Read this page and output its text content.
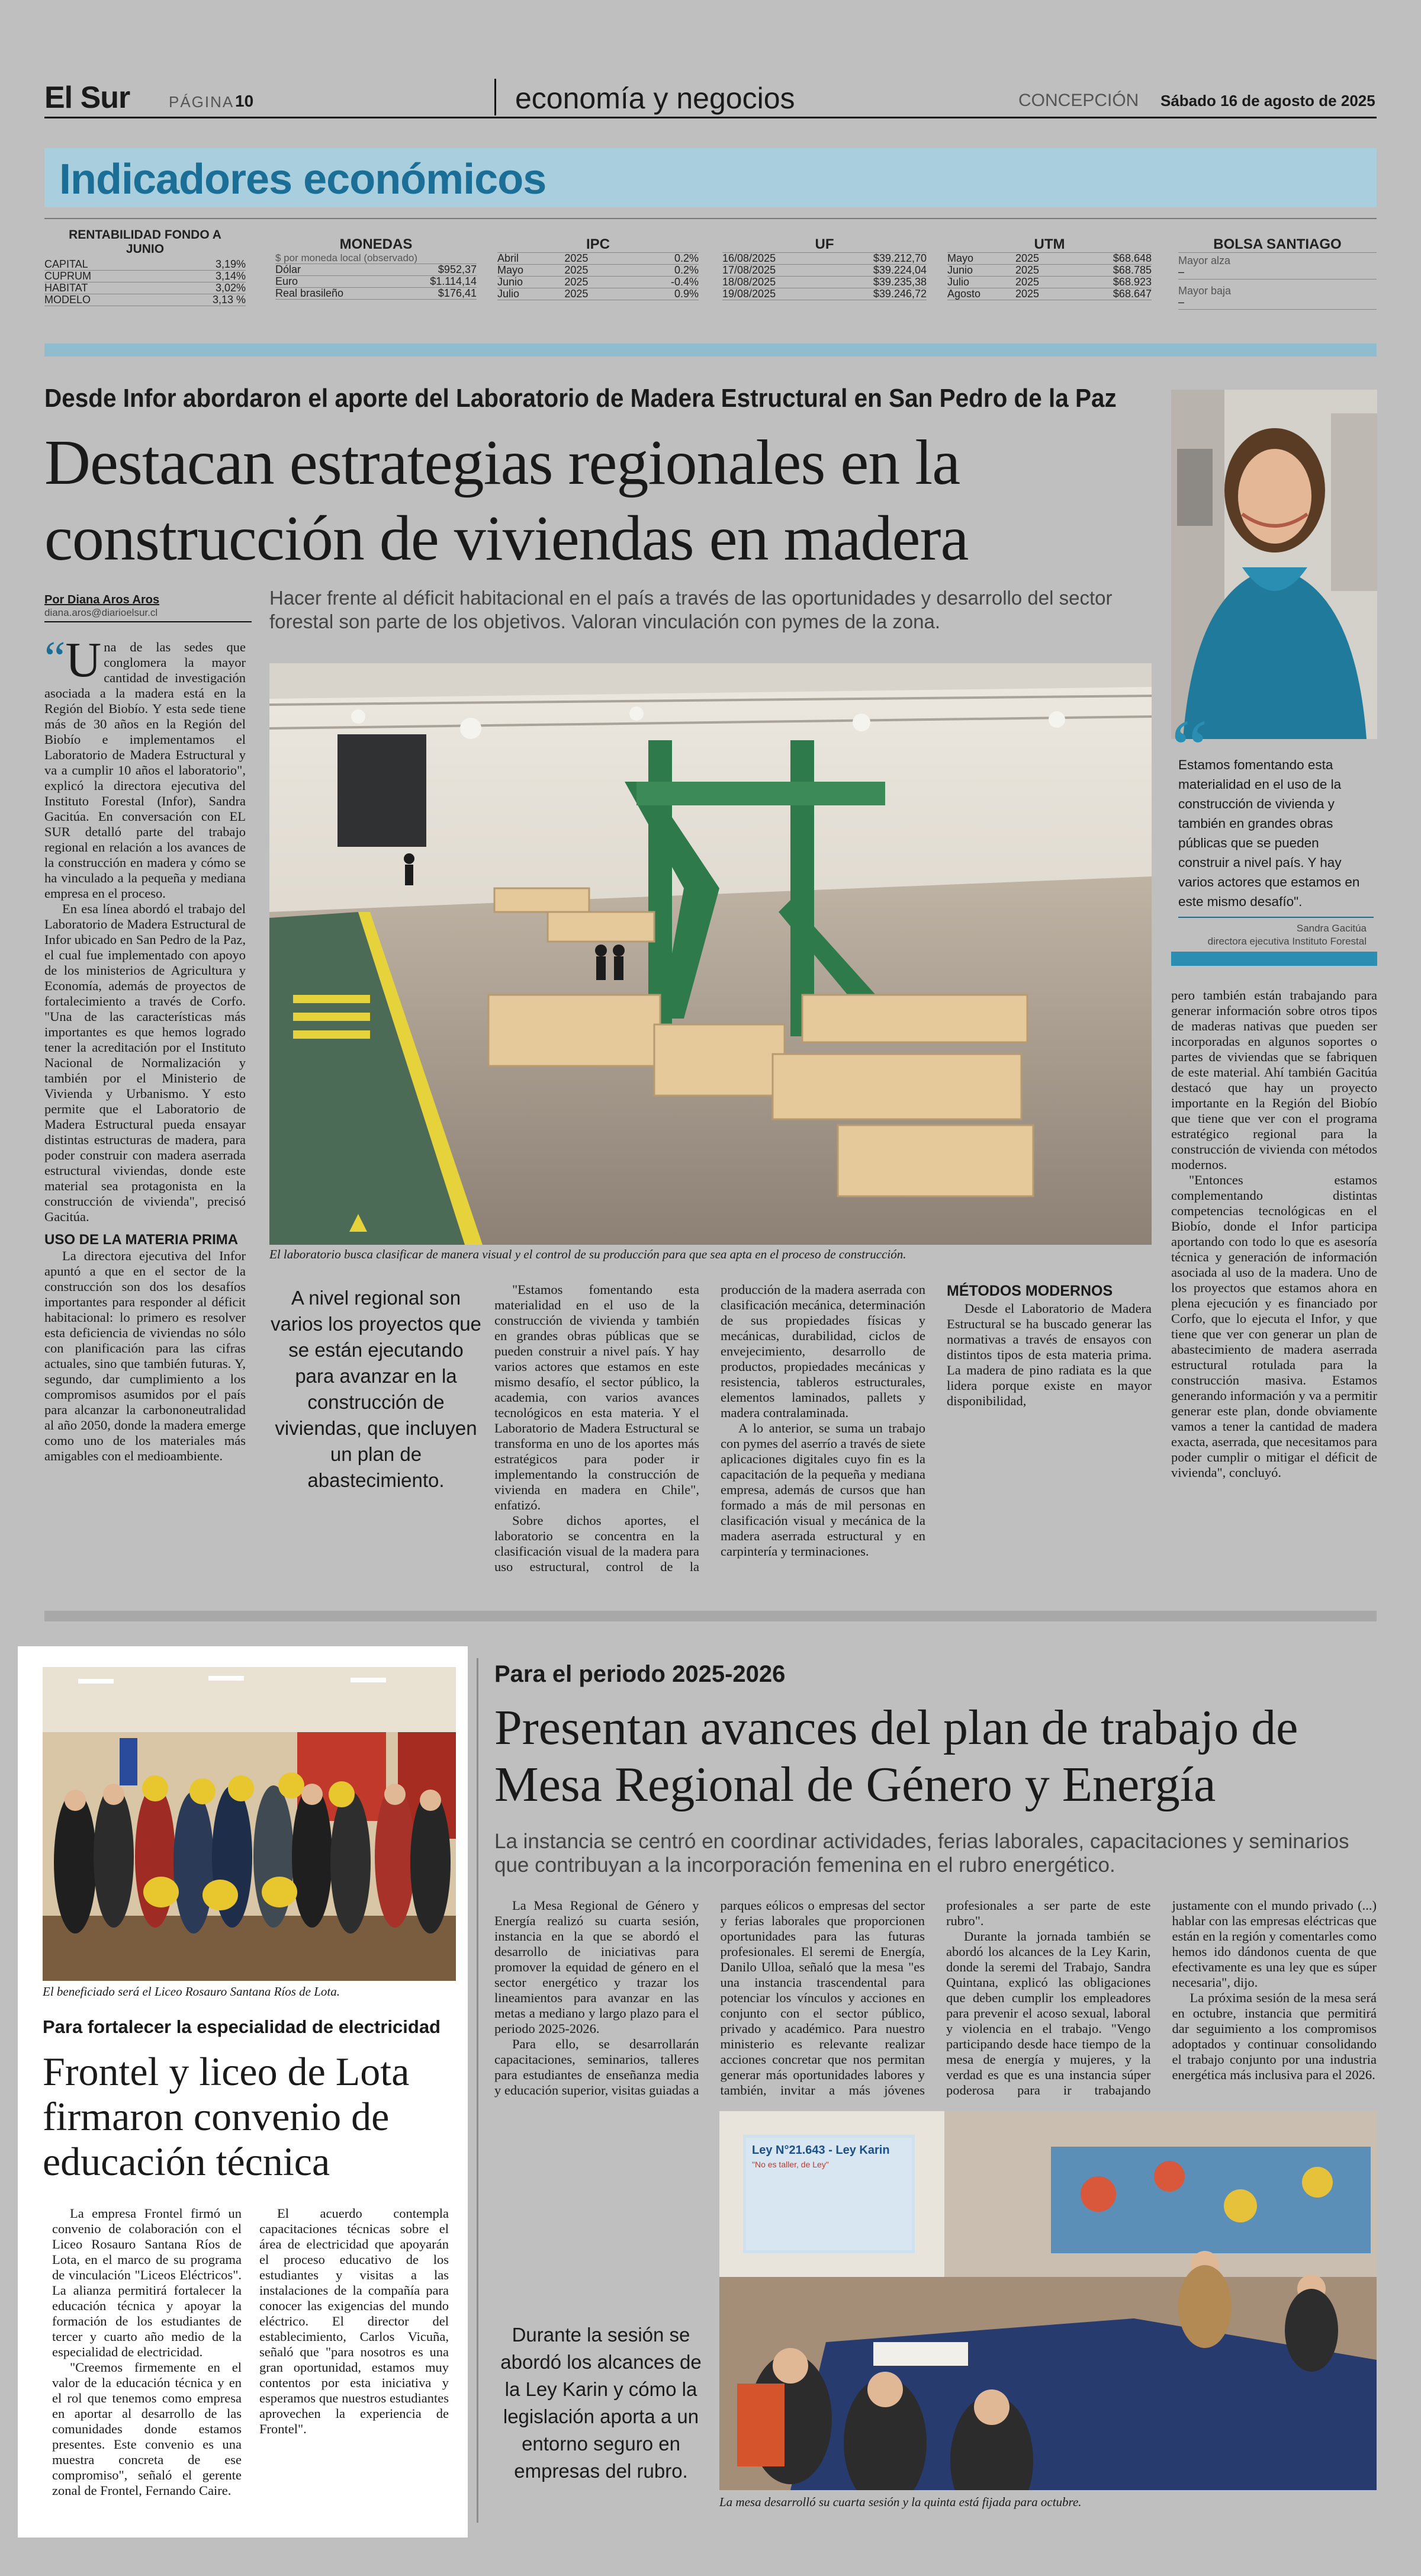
El Sur	PÁGINA 10	economía y negocios	CONCEPCIÓN Sábado 16 de agosto de 2025
Indicadores económicos
RENTABILIDAD FONDO A JUNIO
CAPITAL	3,19%
CUPRUM	3,14%
HABITAT	3,02%
MODELO	3,13 %
MONEDAS
$ por moneda local (observado)
Dólar	$952,37
Euro	$1.114,14
Real brasileño	$176,41
IPC
Abril	2025	0.2%
Mayo	2025	0.2%
Junio	2025	-0.4%
Julio	2025	0.9%
UF
16/08/2025	$39.212,70
17/08/2025	$39.224,04
18/08/2025	$39.235,38
19/08/2025	$39.246,72
UTM
Mayo	2025	$68.648
Junio	2025	$68.785
Julio	2025	$68.923
Agosto	2025	$68.647
BOLSA SANTIAGO
Mayor alza
–
Mayor baja
–
Desde Infor abordaron el aporte del Laboratorio de Madera Estructural en San Pedro de la Paz
Destacan estrategias regionales en la construcción de viviendas en madera
Por Diana Aros Aros
diana.aros@diarioelsur.cl
Hacer frente al déficit habitacional en el país a través de las oportunidades y desarrollo del sector forestal son parte de los objetivos. Valoran vinculación con pymes de la zona.
El laboratorio busca clasificar de manera visual y el control de su producción para que sea apta en el proceso de construcción.

“ U na de las sedes que conglomera la mayor cantidad de investigación asociada a la madera está en la Región del Biobío. Y esta sede tiene más de 30 años en la Región del Biobío e implementamos el Laboratorio de Madera Estructural y va a cumplir 10 años el laboratorio", explicó la directora ejecutiva del Instituto Forestal (Infor), Sandra Gacitúa. En conversación con EL SUR detalló parte del trabajo regional en relación a los avances de la construcción en madera y cómo se ha vinculado a la pequeña y mediana empresa en el proceso.

En esa línea abordó el trabajo del Laboratorio de Madera Estructural de Infor ubicado en San Pedro de la Paz, el cual fue implementado con apoyo de los ministerios de Agricultura y Economía, además de proyectos de fortalecimiento a través de Corfo. "Una de las características más importantes es que hemos logrado tener la acreditación por el Instituto Nacional de Normalización y también por el Ministerio de Vivienda y Urbanismo. Y esto permite que el Laboratorio de Madera Estructural pueda ensayar distintas estructuras de madera, para poder construir con madera aserrada estructural viviendas, donde este material sea protagonista en la construcción de vivienda", precisó Gacitúa.

USO DE LA MATERIA PRIMA

La directora ejecutiva del Infor apuntó a que en el sector de la construcción son dos los desafíos importantes para responder al déficit habitacional: lo primero es resolver esta deficiencia de viviendas no sólo con planificación para las cifras actuales, sino que también futuras. Y, segundo, dar cumplimiento a los compromisos asumidos por el país para alcanzar la carbononeutralidad al año 2050, donde la madera emerge como uno de los materiales más amigables con el medioambiente.

A nivel regional son varios los proyectos que se están ejecutando para avanzar en la construcción de viviendas, que incluyen un plan de abastecimiento.

"Estamos fomentando esta materialidad en el uso de la construcción de vivienda y también en grandes obras públicas que se pueden construir a nivel país. Y hay varios actores que estamos en este mismo desafío, el sector público, la academia, con varios avances tecnológicos en esta materia. Y el Laboratorio de Madera Estructural se transforma en uno de los aportes más estratégicos para poder ir implementando la construcción de vivienda en madera en Chile", enfatizó.

Sobre dichos aportes, el laboratorio se concentra en la clasificación visual de la madera para uso estructural, control de la producción de la madera aserrada con clasificación mecánica, determinación de sus propiedades físicas y mecánicas, durabilidad, ciclos de envejecimiento, desarrollo de productos, propiedades mecánicas y resistencia, tableros estructurales, elementos laminados, pallets y madera contralaminada.

A lo anterior, se suma un trabajo con pymes del aserrío a través de siete aplicaciones digitales cuyo fin es la capacitación de la pequeña y mediana empresa, además de cursos que han formado a más de mil personas en clasificación visual y mecánica de la madera aserrada estructural y en carpintería y terminaciones.

MÉTODOS MODERNOS

Desde el Laboratorio de Madera Estructural se ha buscado generar las normativas a través de ensayos con distintos tipos de esta materia prima. La madera de pino radiata es la que lidera porque existe en mayor disponibilidad,

“
Estamos fomentando esta materialidad en el uso de la construcción de vivienda y también en grandes obras públicas que se pueden construir a nivel país. Y hay varios actores que estamos en este mismo desafío".
Sandra Gacitúa
directora ejecutiva Instituto Forestal

pero también están trabajando para generar información sobre otros tipos de maderas nativas que pueden ser incorporadas en algunos soportes o partes de viviendas que se fabriquen de este material. Ahí también Gacitúa destacó que hay un proyecto importante en la Región del Biobío que tiene que ver con el programa estratégico regional para la construcción de vivienda con métodos modernos.

"Entonces estamos complementando distintas competencias tecnológicas en el Biobío, donde el Infor participa aportando con todo lo que es asesoría técnica y generación de información asociada al uso de la madera. Uno de los proyectos que estamos ahora en plena ejecución y es financiado por Corfo, que lo ejecuta el Infor, y que tiene que ver con generar un plan de abastecimiento de madera aserrada estructural rotulada para la construcción masiva. Estamos generando información y va a permitir generar este plan, donde obviamente vamos a tener la cantidad de madera exacta, aserrada, que necesitamos para poder cumplir o mitigar el déficit de vivienda", concluyó.

El beneficiado será el Liceo Rosauro Santana Ríos de Lota.
Para fortalecer la especialidad de electricidad
Frontel y liceo de Lota firmaron convenio de educación técnica

La empresa Frontel firmó un convenio de colaboración con el Liceo Rosauro Santana Ríos de Lota, en el marco de su programa de vinculación "Liceos Eléctricos". La alianza permitirá fortalecer la educación técnica y apoyar la formación de los estudiantes de tercer y cuarto año medio de la especialidad de electricidad.

"Creemos firmemente en el valor de la educación técnica y en el rol que tenemos como empresa en aportar al desarrollo de las comunidades donde estamos presentes. Este convenio es una muestra concreta de ese compromiso", señaló el gerente zonal de Frontel, Fernando Caire.

El acuerdo contempla capacitaciones técnicas sobre el área de electricidad que apoyarán el proceso educativo de los estudiantes y visitas a las instalaciones de la compañía para conocer las exigencias del mundo eléctrico. El director del establecimiento, Carlos Vicuña, señaló que "para nosotros es una gran oportunidad, estamos muy contentos por esta iniciativa y esperamos que nuestros estudiantes aprovechen la experiencia de Frontel".

Para el periodo 2025-2026
Presentan avances del plan de trabajo de Mesa Regional de Género y Energía
La instancia se centró en coordinar actividades, ferias laborales, capacitaciones y seminarios que contribuyan a la incorporación femenina en el rubro energético.

La Mesa Regional de Género y Energía realizó su cuarta sesión, instancia en la que se abordó el desarrollo de iniciativas para promover la equidad de género en el sector energético y trazar los lineamientos para avanzar en las metas a mediano y largo plazo para el periodo 2025-2026.

Para ello, se desarrollarán capacitaciones, seminarios, talleres para estudiantes de enseñanza media y educación superior, visitas guiadas a parques eólicos o empresas del sector y ferias laborales que proporcionen oportunidades para las futuras profesionales. El seremi de Energía, Danilo Ulloa, señaló que la mesa "es una instancia trascendental para potenciar los vínculos y acciones en conjunto con el sector público, privado y académico. Para nuestro ministerio es relevante realizar acciones concretar que nos permitan generar más oportunidades labores y también, invitar a más jóvenes profesionales a ser parte de este rubro".

Durante la jornada también se abordó los alcances de la Ley Karin, donde la seremi del Trabajo, Sandra Quintana, explicó las obligaciones que deben cumplir los empleadores para prevenir el acoso sexual, laboral y violencia en el trabajo. "Vengo participando desde hace tiempo de la mesa de energía y mujeres, y la verdad es que es una instancia súper poderosa para ir trabajando justamente con el mundo privado (...) hablar con las empresas eléctricas que están en la región y comentarles como hemos ido dándonos cuenta de que efectivamente es una ley que es súper necesaria", dijo.

La próxima sesión de la mesa será en octubre, instancia que permitirá dar seguimiento a los compromisos adoptados y continuar consolidando el trabajo conjunto por una industria energética más inclusiva para el 2026.

Durante la sesión se abordó los alcances de la Ley Karin y cómo la legislación aporta a un entorno seguro en empresas del rubro.
Ley N°21.643 - Ley Karin
"No es taller, de Ley"
La mesa desarrolló su cuarta sesión y la quinta está fijada para octubre.
